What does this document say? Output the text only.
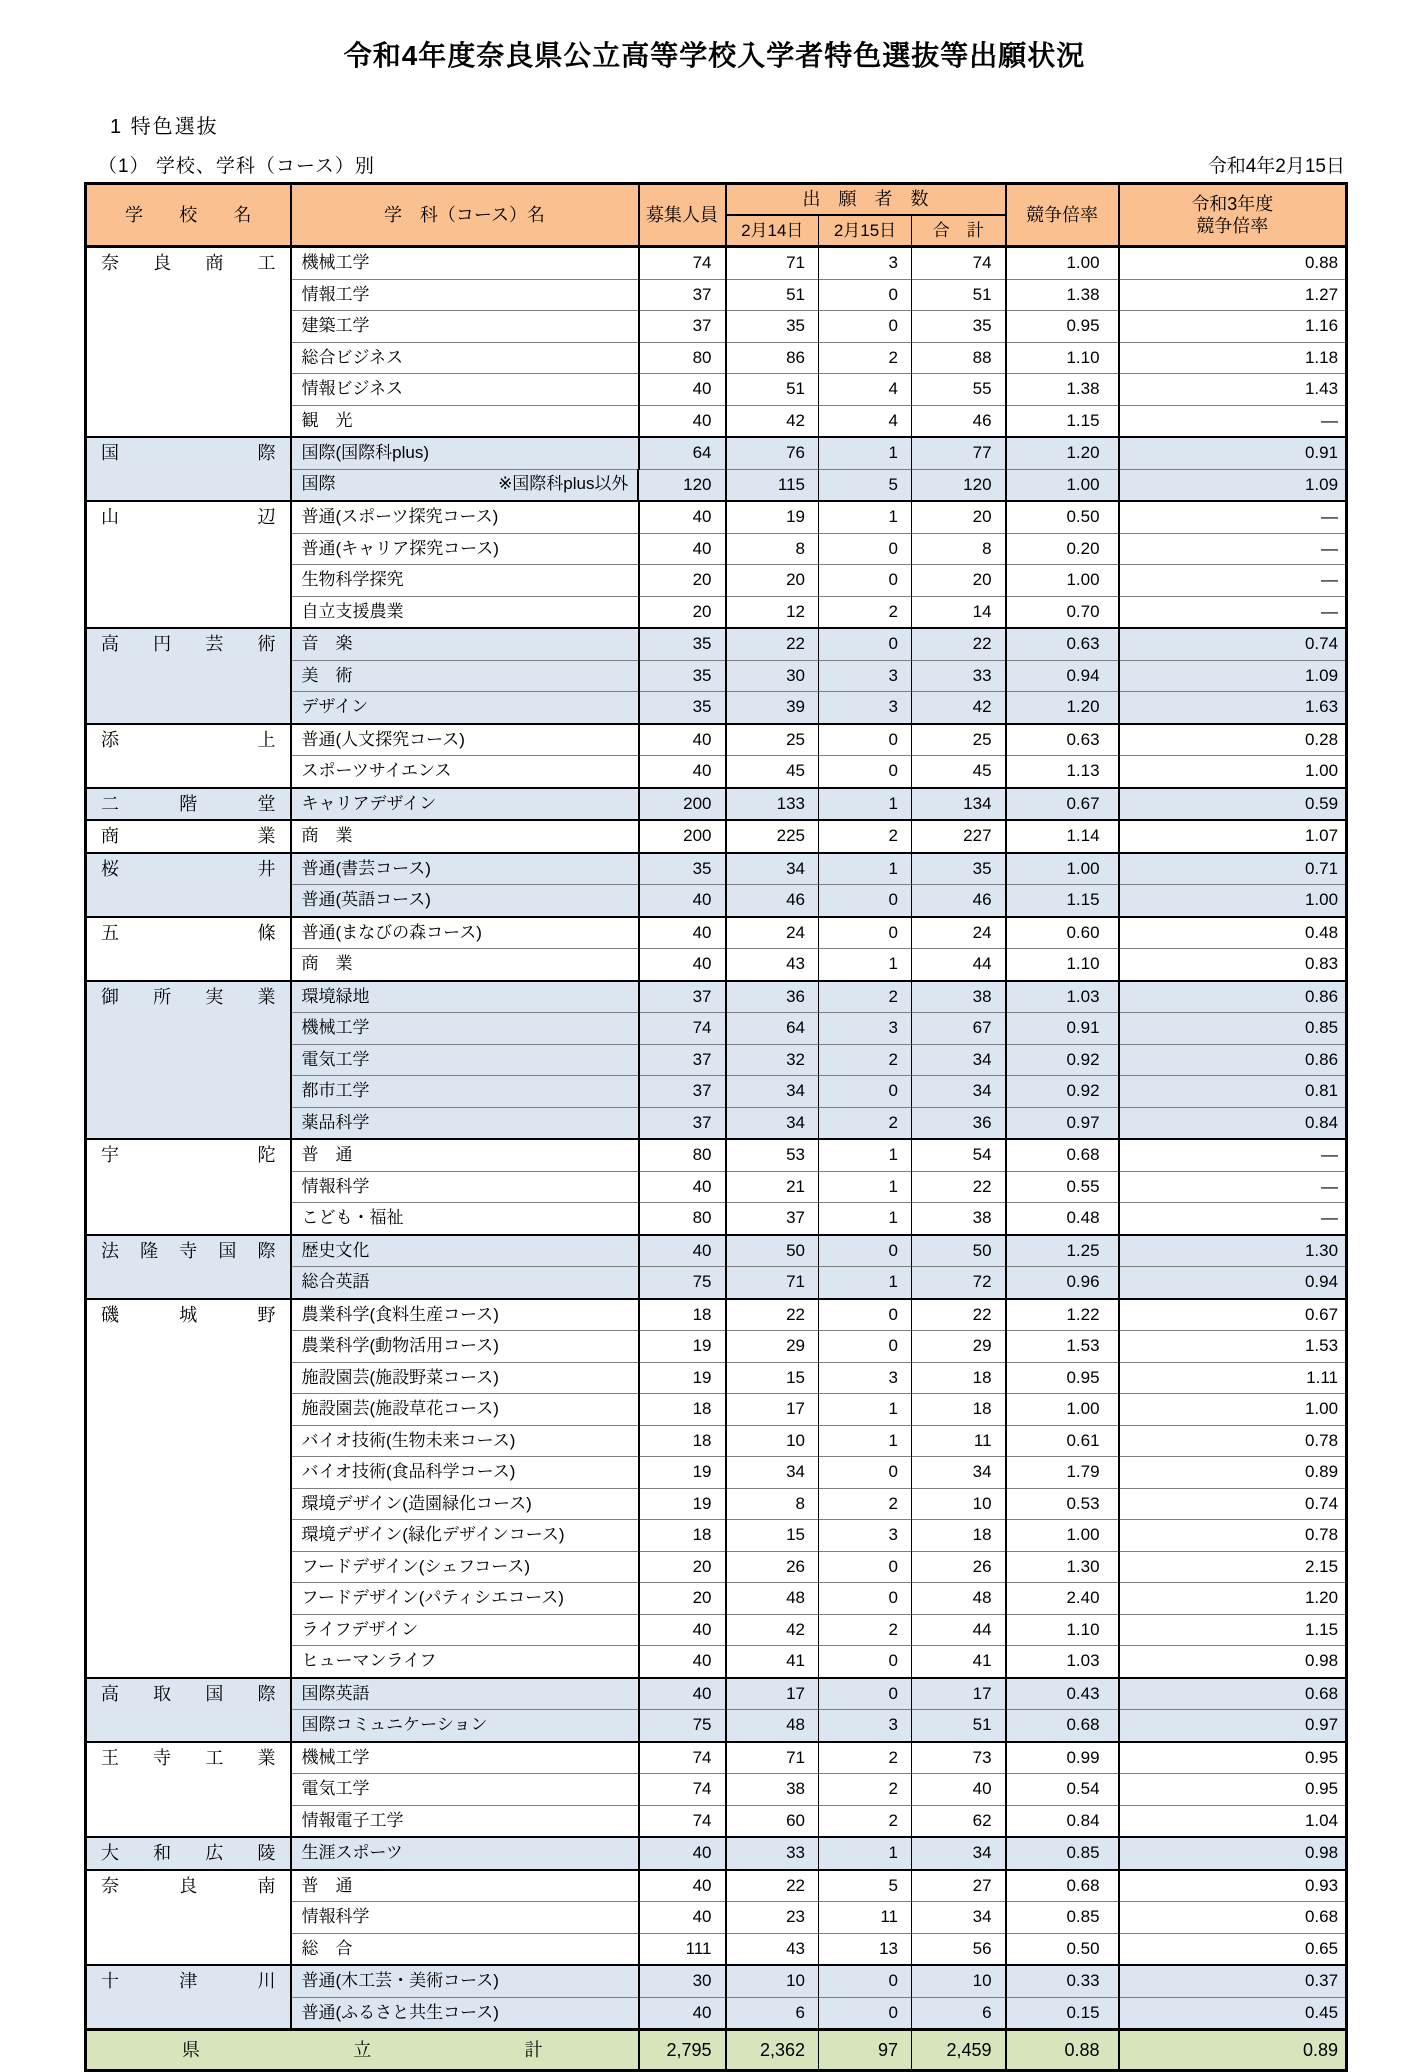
令和4年度奈良県公立高等学校入学者特色選抜等出願状況
1 特色選抜
（1） 学校、学科（コース）別	令和4年2月15日
学校名	学　科（コース）名	募集人員	出　願　者　数			競争倍率	令和3年度
競争倍率
			2月14日	2月15日	合　計		
奈良商工	機械工学	74	71	3	74	1.00	0.88
	情報工学	37	51	0	51	1.38	1.27
	建築工学	37	35	0	35	0.95	1.16
	総合ビジネス	80	86	2	88	1.10	1.18
	情報ビジネス	40	51	4	55	1.38	1.43
	観　光	40	42	4	46	1.15	—
国際	国際(国際科plus)	64	76	1	77	1.20	0.91

国際	※国際科plus以外	120	115	5	120	1.00	1.09
山辺	普通(スポーツ探究コース)	40	19	1	20	0.50	—
	普通(キャリア探究コース)	40	8	0	8	0.20	—
	生物科学探究	20	20	0	20	1.00	—
	自立支援農業	20	12	2	14	0.70	—
高円芸術	音　楽	35	22	0	22	0.63	0.74
	美　術	35	30	3	33	0.94	1.09
	デザイン	35	39	3	42	1.20	1.63
添上	普通(人文探究コース)	40	25	0	25	0.63	0.28
	スポーツサイエンス	40	45	0	45	1.13	1.00
二階堂	キャリアデザイン	200	133	1	134	0.67	0.59
商業	商　業	200	225	2	227	1.14	1.07
桜井	普通(書芸コース)	35	34	1	35	1.00	0.71
	普通(英語コース)	40	46	0	46	1.15	1.00
五條	普通(まなびの森コース)	40	24	0	24	0.60	0.48
	商　業	40	43	1	44	1.10	0.83
御所実業	環境緑地	37	36	2	38	1.03	0.86
	機械工学	74	64	3	67	0.91	0.85
	電気工学	37	32	2	34	0.92	0.86
	都市工学	37	34	0	34	0.92	0.81
	薬品科学	37	34	2	36	0.97	0.84
宇陀	普　通	80	53	1	54	0.68	—
	情報科学	40	21	1	22	0.55	—
	こども・福祉	80	37	1	38	0.48	—
法隆寺国際	歴史文化	40	50	0	50	1.25	1.30
	総合英語	75	71	1	72	0.96	0.94
磯城野	農業科学(食料生産コース)	18	22	0	22	1.22	0.67
	農業科学(動物活用コース)	19	29	0	29	1.53	1.53
	施設園芸(施設野菜コース)	19	15	3	18	0.95	1.11
	施設園芸(施設草花コース)	18	17	1	18	1.00	1.00
	バイオ技術(生物未来コース)	18	10	1	11	0.61	0.78
	バイオ技術(食品科学コース)	19	34	0	34	1.79	0.89
	環境デザイン(造園緑化コース)	19	8	2	10	0.53	0.74
	環境デザイン(緑化デザインコース)	18	15	3	18	1.00	0.78
	フードデザイン(シェフコース)	20	26	0	26	1.30	2.15
	フードデザイン(パティシエコース)	20	48	0	48	2.40	1.20
	ライフデザイン	40	42	2	44	1.10	1.15
	ヒューマンライフ	40	41	0	41	1.03	0.98
高取国際	国際英語	40	17	0	17	0.43	0.68
	国際コミュニケーション	75	48	3	51	0.68	0.97
王寺工業	機械工学	74	71	2	73	0.99	0.95
	電気工学	74	38	2	40	0.54	0.95
	情報電子工学	74	60	2	62	0.84	1.04
大和広陵	生涯スポーツ	40	33	1	34	0.85	0.98
奈良南	普　通	40	22	5	27	0.68	0.93
	情報科学	40	23	11	34	0.85	0.68
	総　合	111	43	13	56	0.50	0.65
十津川	普通(木工芸・美術コース)	30	10	0	10	0.33	0.37
	普通(ふるさと共生コース)	40	6	0	6	0.15	0.45
県立計		2,795	2,362	97	2,459	0.88	0.89
